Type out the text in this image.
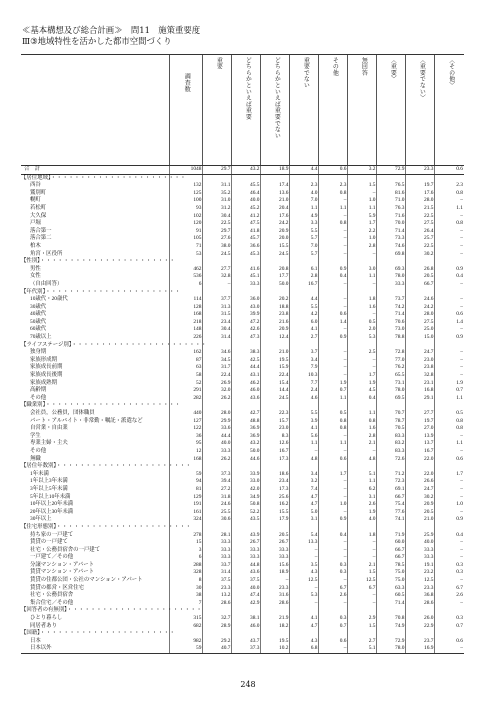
≪基本構想及び総合計画≫　問11　施策重要度
Ⅲ③地域特性を活かした都市空間づくり
	調査数	重要	どちらかといえば重要	どちらかといえば重要でない	重要でない	その他	無回答	〈重要〉	〈重要でない〉	〈その他〉
合　計	1048	29.7	43.2	18.9	4.4	0.6	3.2	72.9	23.3	0.6
【居住地域】・・・・・・・・・・・・・・・・・・・・・・・										
西谷	132	31.1	45.5	17.4	2.3	2.3	1.5	76.5	19.7	2.3
鷲別町	125	35.2	46.4	13.6	4.0	0.8	–	81.6	17.6	0.8
幌町	100	31.0	40.0	21.0	7.0	–	1.0	71.0	28.0	–
若松町	93	31.2	45.2	20.4	1.1	1.1	1.1	76.3	21.5	1.1
大久保	102	30.4	41.2	17.6	4.9	–	5.9	71.6	22.5	–
戸堀	120	22.5	47.5	24.2	3.3	0.8	1.7	70.0	27.5	0.8
落合第一	91	29.7	41.8	20.9	5.5	–	2.2	71.4	26.4	–
落合第二	105	27.6	45.7	20.0	5.7	–	1.0	73.3	25.7	–
柏木	71	38.0	36.6	15.5	7.0	–	2.8	74.6	22.5	–
角宮・区役所	53	24.5	45.3	24.5	5.7	–	–	69.8	30.2	–
【性別】・・・・・・・・・・・・・・・・・・・・・・・										
男性	462	27.7	41.6	20.8	6.1	0.9	3.0	69.3	26.8	0.9
女性	536	32.8	45.1	17.7	2.8	0.4	1.1	78.0	20.5	0.4
（自由回答）	6	–	33.3	50.0	16.7	–	–	33.3	66.7	–
【年代別】・・・・・・・・・・・・・・・・・・・・・・・										
10歳代・20歳代	114	37.7	36.0	20.2	4.4	–	1.8	73.7	24.6	–
30歳代	128	31.3	43.0	18.8	5.5	–	1.6	74.2	24.2	–
40歳代	168	31.5	39.9	23.8	4.2	0.6	–	71.4	28.0	0.6
50歳代	218	23.4	47.2	21.6	6.0	1.4	0.5	70.6	27.5	1.4
60歳代	148	30.4	42.6	20.9	4.1	–	2.0	73.0	25.0	–
70歳以上	226	31.4	47.3	12.4	2.7	0.9	5.3	78.8	15.0	0.9
【ライフステージ別】・・・・・・・・・・・・・・・・・・・・・・・										
独身期	162	34.6	38.3	21.0	3.7	–	2.5	72.8	24.7	–
家族形成期	87	34.5	42.5	19.5	3.4	–	–	77.0	23.0	–
家族成長前期	63	31.7	44.4	15.9	7.9	–	–	76.2	23.8	–
家族成長後期	58	22.4	43.1	22.4	10.3	–	1.7	65.5	32.8	–
家族成熟期	52	26.9	46.2	15.4	7.7	1.9	1.9	73.1	23.1	1.9
高齢期	291	32.0	46.0	14.4	2.4	0.7	4.5	78.0	16.8	0.7
その他	282	26.2	43.6	24.5	4.6	1.1	0.4	69.5	29.1	1.1
【職業別】・・・・・・・・・・・・・・・・・・・・・・・										
会社員，公務員，団体職員	440	28.0	42.7	22.3	5.5	0.5	1.1	70.7	27.7	0.5
パート・アルバイト・非常勤・嘱託・派遣など	127	29.9	48.8	15.7	3.9	0.8	0.8	78.7	19.7	0.8
自営業・自由業	122	33.6	36.9	23.0	4.1	0.8	1.6	70.5	27.0	0.8
学生	36	44.4	36.9	8.3	5.6	–	2.8	83.3	13.9	–
専業主婦・主夫	95	40.0	43.2	12.6	1.1	1.1	2.1	83.2	13.7	1.1
その他	12	33.3	50.0	16.7	–	–	–	83.3	16.7	–
無職	168	26.2	44.6	17.3	4.8	0.6	4.8	72.6	22.0	0.6
【居住年数別】・・・・・・・・・・・・・・・・・・・・・・・										
1年未満	59	37.3	33.9	18.6	3.4	1.7	5.1	71.2	22.0	1.7
1年以上3年未満	94	39.4	33.0	23.4	3.2	–	1.1	72.3	26.6	–
3年以上5年未満	81	27.2	42.0	17.3	7.4	–	6.2	69.1	24.7	–
5年以上10年未満	129	31.8	34.9	25.6	4.7	–	3.1	66.7	30.2	–
10年以上20年未満	191	24.6	50.8	16.2	4.7	1.0	2.6	75.4	20.9	1.0
20年以上30年未満	161	25.5	52.2	15.5	5.0	–	1.9	77.6	20.5	–
30年以上	324	30.6	43.5	17.9	3.1	0.9	4.0	74.1	21.0	0.9
【住宅形態別】・・・・・・・・・・・・・・・・・・・・・・・										
持ち家の一戸建て	278	28.1	43.9	20.5	5.4	0.4	1.8	71.9	25.9	0.4
賃貸の一戸建て	15	33.3	26.7	26.7	13.3	–	–	60.0	40.0	–
社宅・公務員宿舎の一戸建て	3	33.3	33.3	33.3	–	–	–	66.7	33.3	–
一戸建て／その他	6	33.3	33.3	33.3	–	–	–	66.7	33.3	–
分譲マンション・アパート	288	33.7	44.8	15.6	3.5	0.3	2.1	78.5	19.1	0.3
賃貸マンション・アパート	328	31.4	43.6	18.9	4.3	0.3	1.5	75.0	23.2	0.3
賃貸の住都公団・公社のマンション・アパート	8	37.5	37.5	–	12.5	–	12.5	75.0	12.5	–
賃貸の都営・区営住宅	30	23.3	40.0	23.3	–	6.7	6.7	63.3	23.3	6.7
社宅・公務員宿舎	38	13.2	47.4	31.6	5.3	2.6	–	60.5	36.8	2.6
集合住宅／その他	7	28.6	42.9	28.6	–	–	–	71.4	28.6	–
【回答者の有無別】・・・・・・・・・・・・・・・・・・・・・・・										
ひとり暮らし	315	32.7	38.1	21.9	4.1	0.3	2.9	70.8	26.0	0.3
同居者あり	682	28.9	46.0	18.2	4.7	0.7	1.5	74.9	22.9	0.7
【国籍】・・・・・・・・・・・・・・・・・・・・・・・										
日本	982	29.2	43.7	19.5	4.3	0.6	2.7	72.9	23.7	0.6
日本以外	59	40.7	37.3	10.2	6.8	–	5.1	78.0	16.9	–
248
